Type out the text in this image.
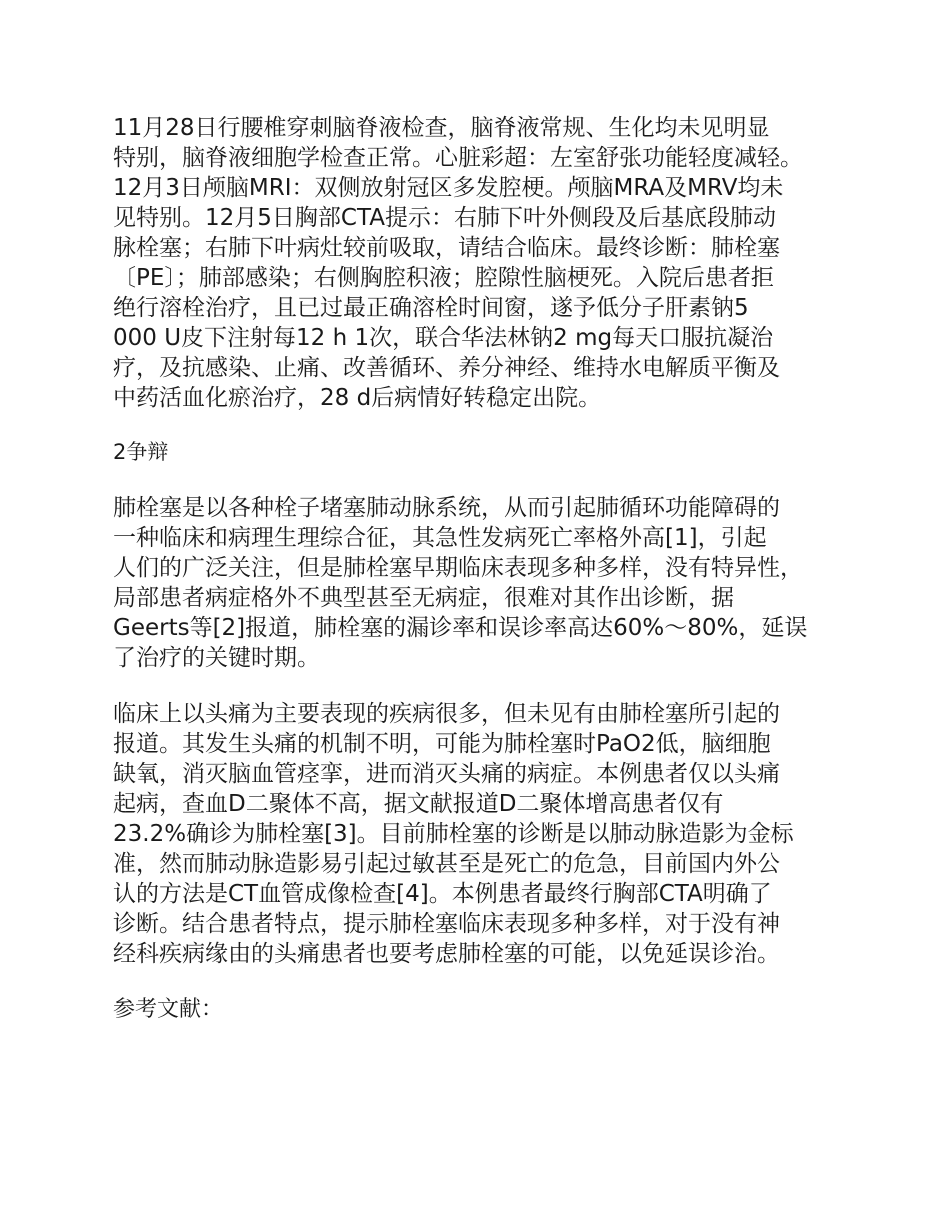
11月28日行腰椎穿刺脑脊液检查，脑脊液常规、生化均未见明显
特别，脑脊液细胞学检查正常。心脏彩超：左室舒张功能轻度减轻。
12月3日颅脑MRI：双侧放射冠区多发腔梗。颅脑MRA及MRV均未
见特别。12月5日胸部CTA提示：右肺下叶外侧段及后基底段肺动
脉栓塞；右肺下叶病灶较前吸取，请结合临床。最终诊断：肺栓塞
〔PE〕；肺部感染；右侧胸腔积液；腔隙性脑梗死。入院后患者拒
绝行溶栓治疗，且已过最正确溶栓时间窗，遂予低分子肝素钠5
000 U皮下注射每12 h 1次，联合华法林钠2 mg每天口服抗凝治
疗，及抗感染、止痛、改善循环、养分神经、维持水电解质平衡及
中药活血化瘀治疗，28 d后病情好转稳定出院。

2争辩

肺栓塞是以各种栓子堵塞肺动脉系统，从而引起肺循环功能障碍的
一种临床和病理生理综合征，其急性发病死亡率格外高[1]，引起
人们的广泛关注，但是肺栓塞早期临床表现多种多样，没有特异性，
局部患者病症格外不典型甚至无病症，很难对其作出诊断，据
Geerts等[2]报道，肺栓塞的漏诊率和误诊率高达60%～80%，延误
了治疗的关键时期。

临床上以头痛为主要表现的疾病很多，但未见有由肺栓塞所引起的
报道。其发生头痛的机制不明，可能为肺栓塞时PaO2低，脑细胞
缺氧，消灭脑血管痉挛，进而消灭头痛的病症。本例患者仅以头痛
起病，查血D二聚体不高，据文献报道D二聚体增高患者仅有
23.2%确诊为肺栓塞[3]。目前肺栓塞的诊断是以肺动脉造影为金标
准，然而肺动脉造影易引起过敏甚至是死亡的危急，目前国内外公
认的方法是CT血管成像检查[4]。本例患者最终行胸部CTA明确了
诊断。结合患者特点，提示肺栓塞临床表现多种多样，对于没有神
经科疾病缘由的头痛患者也要考虑肺栓塞的可能，以免延误诊治。

参考文献：
